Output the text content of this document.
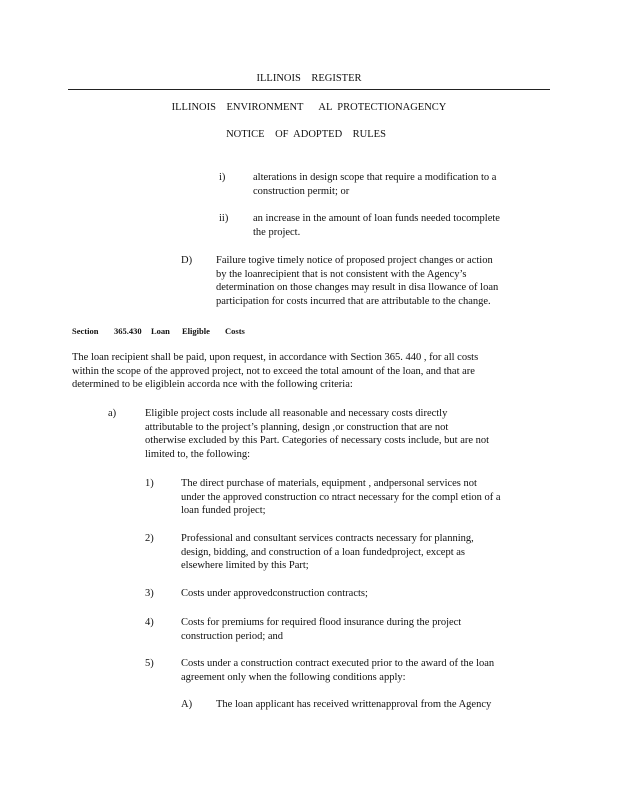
ILLINOIS    REGISTER
ILLINOIS    ENVIRONMENT      AL  PROTECTIONAGENCY
NOTICE    OF  ADOPTED    RULES
i)	alterations in design scope that require a modification to a
construction permit; or
ii) an increase in the amount of loan funds needed tocomplete
the project.
D) Failure togive timely notice of proposed project changes or action
by the loanrecipient that is not consistent with the Agency’s
determination on those changes may result in disa llowance of loan
participation for costs incurred that are attributable to the change.
Section 365.430 Loan Eligible Costs
The loan recipient shall be paid, upon request, in accordance with Section 365. 440 , for all costs
within the scope of the approved project, not to exceed the total amount of the loan, and that are
determined to be eligiblein accorda nce with the following criteria:
a)	Eligible project costs include all reasonable and necessary costs directly
attributable to the project’s planning, design ,or construction that are not
otherwise excluded by this Part. Categories of necessary costs include, but are not
limited to, the following:
1)	The direct purchase of materials, equipment , andpersonal services not
under the approved construction co ntract necessary for the compl etion of a
loan funded project;
2)	Professional and consultant services contracts necessary for planning,
design, bidding, and construction of a loan fundedproject, except as
elsewhere limited by this Part;
3)	Costs under approvedconstruction contracts;
4)	Costs for premiums for required flood insurance during the project
construction period; and
5)	Costs under a construction contract executed prior to the award of the loan
agreement only when the following conditions apply:
A) The loan applicant has received writtenapproval from the Agency
